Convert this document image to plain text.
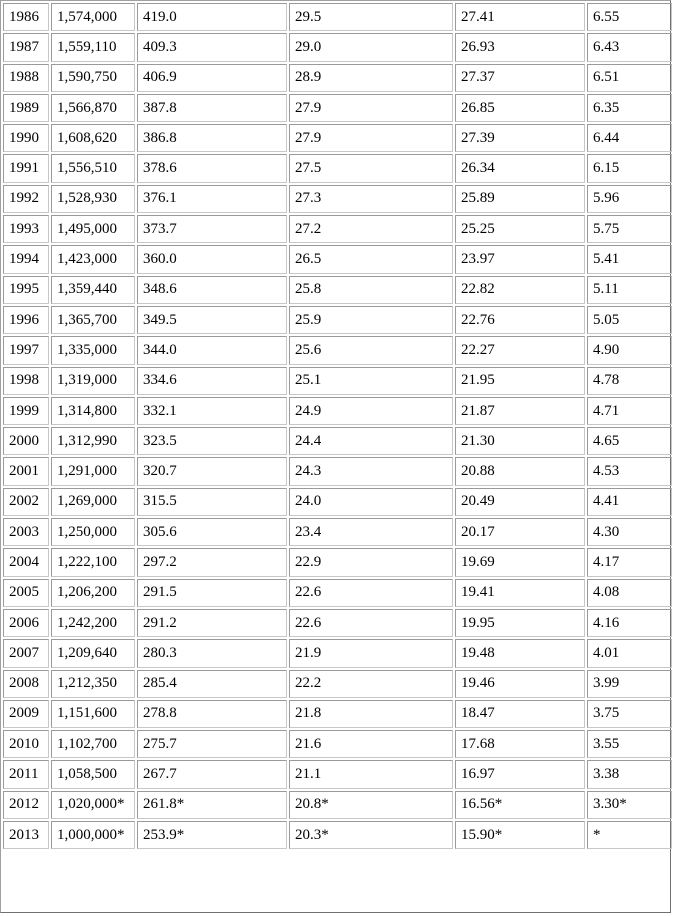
1986	1,574,000	419.0	29.5	27.41	6.55
1987	1,559,110	409.3	29.0	26.93	6.43
1988	1,590,750	406.9	28.9	27.37	6.51
1989	1,566,870	387.8	27.9	26.85	6.35
1990	1,608,620	386.8	27.9	27.39	6.44
1991	1,556,510	378.6	27.5	26.34	6.15
1992	1,528,930	376.1	27.3	25.89	5.96
1993	1,495,000	373.7	27.2	25.25	5.75
1994	1,423,000	360.0	26.5	23.97	5.41
1995	1,359,440	348.6	25.8	22.82	5.11
1996	1,365,700	349.5	25.9	22.76	5.05
1997	1,335,000	344.0	25.6	22.27	4.90
1998	1,319,000	334.6	25.1	21.95	4.78
1999	1,314,800	332.1	24.9	21.87	4.71
2000	1,312,990	323.5	24.4	21.30	4.65
2001	1,291,000	320.7	24.3	20.88	4.53
2002	1,269,000	315.5	24.0	20.49	4.41
2003	1,250,000	305.6	23.4	20.17	4.30
2004	1,222,100	297.2	22.9	19.69	4.17
2005	1,206,200	291.5	22.6	19.41	4.08
2006	1,242,200	291.2	22.6	19.95	4.16
2007	1,209,640	280.3	21.9	19.48	4.01
2008	1,212,350	285.4	22.2	19.46	3.99
2009	1,151,600	278.8	21.8	18.47	3.75
2010	1,102,700	275.7	21.6	17.68	3.55
2011	1,058,500	267.7	21.1	16.97	3.38
2012	1,020,000*	261.8*	20.8*	16.56*	3.30*
2013	1,000,000*	253.9*	20.3*	15.90*	*
